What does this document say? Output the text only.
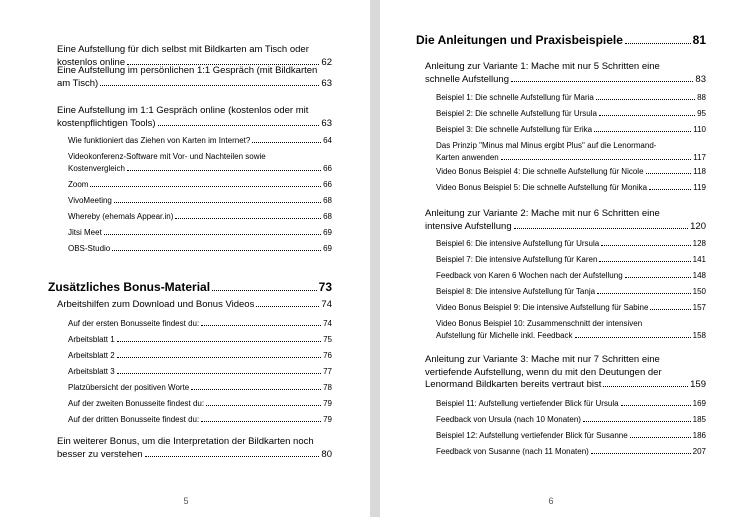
Eine Aufstellung für dich selbst mit Bildkarten am Tisch oder
kostenlos online	62
Eine Aufstellung im persönlichen 1:1 Gespräch (mit Bildkarten
am Tisch)	63
Eine Aufstellung im 1:1 Gespräch online (kostenlos oder mit
kostenpflichtigen Tools)	63
Wie funktioniert das Ziehen von Karten im Internet?	64
Videokonferenz-Software mit Vor- und Nachteilen sowie
Kostenvergleich	66
Zoom	66
VivoMeeting	68
Whereby (ehemals Appear.in)	68
Jitsi Meet	69
OBS-Studio	69
Zusätzliches Bonus-Material	73
Arbeitshilfen zum Download und Bonus Videos	74
Auf der ersten Bonusseite findest du:	74
Arbeitsblatt 1	75
Arbeitsblatt 2	76
Arbeitsblatt 3	77
Platzübersicht der positiven Worte	78
Auf der zweiten Bonusseite findest du:	79
Auf der dritten Bonusseite findest du:	79
Ein weiterer Bonus, um die Interpretation der Bildkarten noch
besser zu verstehen	80
5
Die Anleitungen und Praxisbeispiele	81
Anleitung zur Variante 1: Mache mit nur 5 Schritten eine
schnelle Aufstellung	83
Beispiel 1: Die schnelle Aufstellung für Maria	88
Beispiel 2: Die schnelle Aufstellung für Ursula	95
Beispiel 3: Die schnelle Aufstellung für Erika	110
Das Prinzip "Minus mal Minus ergibt Plus" auf die Lenormand-
Karten anwenden	117
Video Bonus Beispiel 4: Die schnelle Aufstellung für Nicole	118
Video Bonus Beispiel 5: Die schnelle Aufstellung für Monika	119
Anleitung zur Variante 2: Mache mit nur 6 Schritten eine
intensive Aufstellung	120
Beispiel 6: Die intensive Aufstellung für Ursula	128
Beispiel 7: Die intensive Aufstellung für Karen	141
Feedback von Karen 6 Wochen nach der Aufstellung	148
Beispiel 8: Die intensive Aufstellung für Tanja	150
Video Bonus Beispiel 9: Die intensive Aufstellung für Sabine	157
Video Bonus Beispiel 10: Zusammenschnitt der intensiven
Aufstellung für Michelle inkl. Feedback	158
Anleitung zur Variante 3: Mache mit nur 7 Schritten eine
vertiefende Aufstellung, wenn du mit den Deutungen der
Lenormand Bildkarten bereits vertraut bist	159
Beispiel 11: Aufstellung vertiefender Blick für Ursula	169
Feedback von Ursula (nach 10 Monaten)	185
Beispiel 12: Aufstellung vertiefender Blick für Susanne	186
Feedback von Susanne (nach 11 Monaten)	207
6
